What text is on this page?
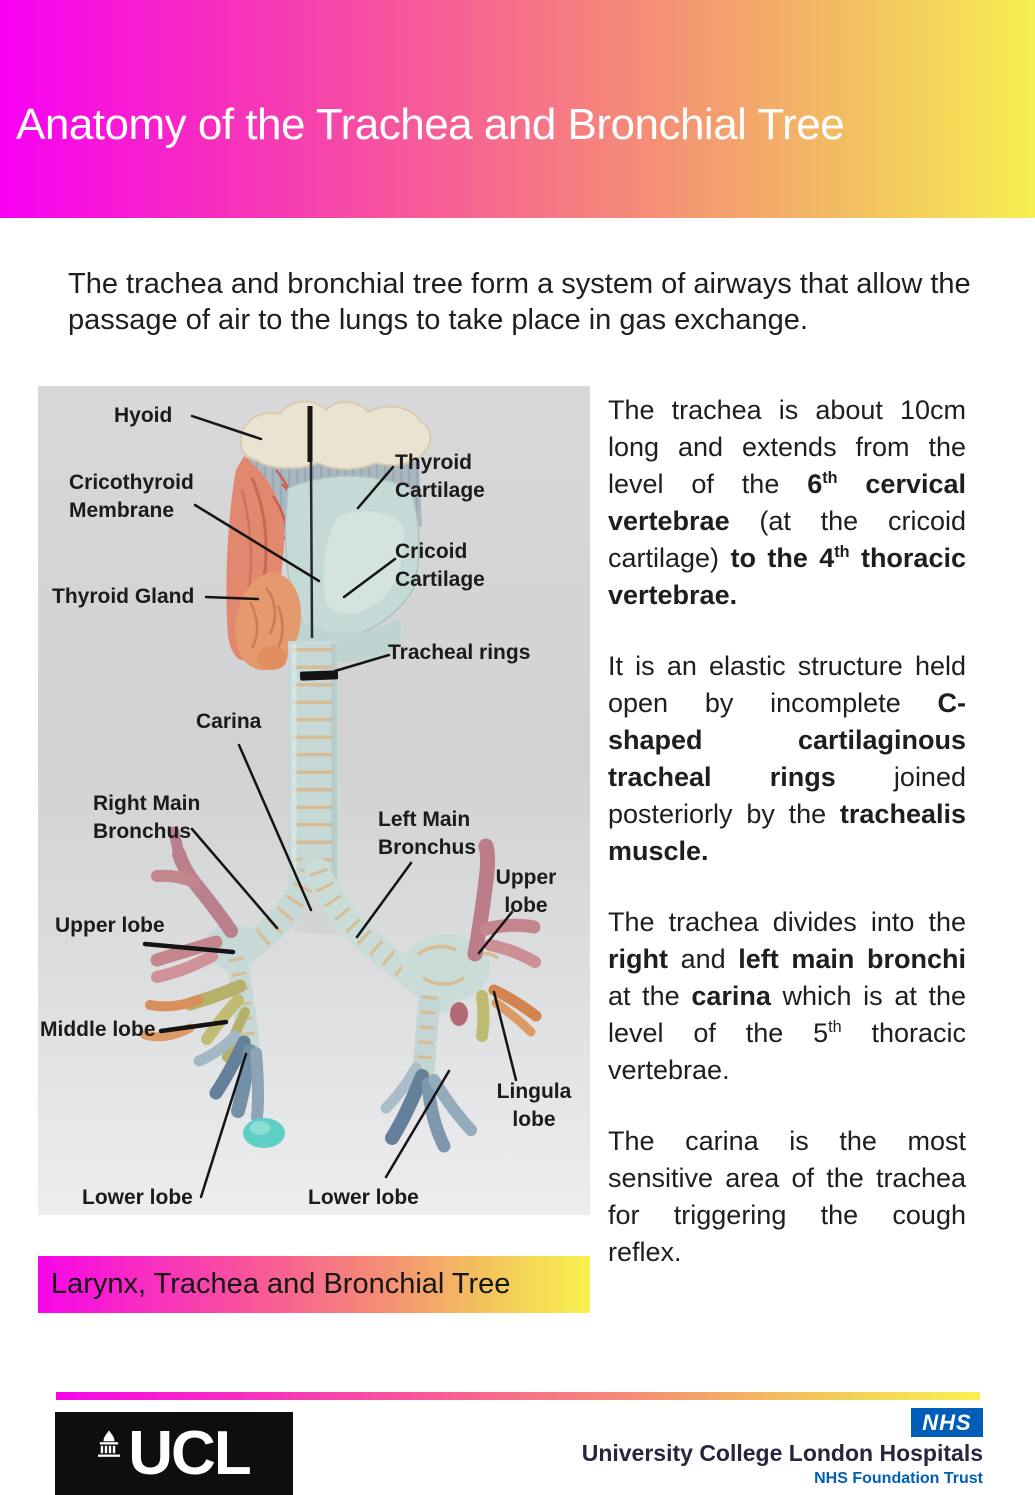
Anatomy of the Trachea and Bronchial Tree
The trachea and bronchial tree form a system of airways that allow the passage of air to the lungs to take place in gas exchange.
Hyoid
Cricothyroid
Membrane
Thyroid Gland
Thyroid
Cartilage
Cricoid
Cartilage
Tracheal rings
Carina
Right Main
Bronchus
Left Main
Bronchus
Upper lobe
Upper
lobe
Middle lobe
Lower lobe	Lower lobe
Lingula
lobe
Larynx, Trachea and Bronchial Tree

The trachea is about 10cm long and extends from the level of the 6th cervical vertebrae (at the cricoid cartilage) to the 4th thoracic vertebrae.

It is an elastic structure held open by incomplete C-shaped cartilaginous tracheal rings joined posteriorly by the trachealis muscle.

The trachea divides into the right and left main bronchi at the carina which is at the level of the 5th thoracic vertebrae.

The carina is the most sensitive area of the trachea for triggering the cough reflex.

UCL	NHS
University College London Hospitals
NHS Foundation Trust
